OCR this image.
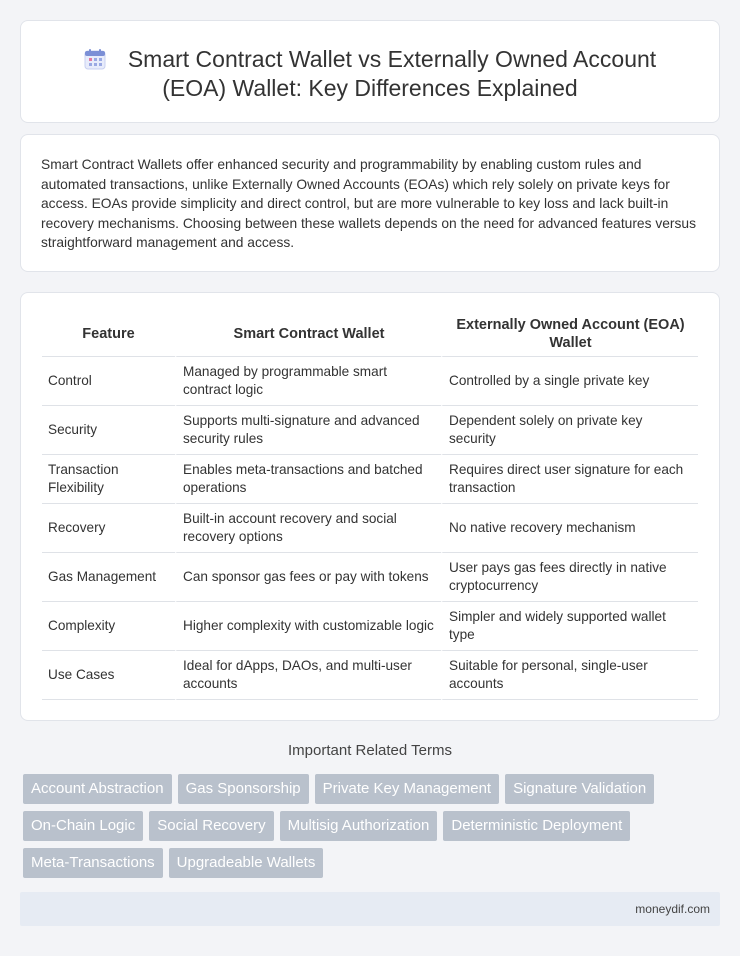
Smart Contract Wallet vs Externally Owned Account (EOA) Wallet: Key Differences Explained

Smart Contract Wallets offer enhanced security and programmability by enabling custom rules and automated transactions, unlike Externally Owned Accounts (EOAs) which rely solely on private keys for access. EOAs provide simplicity and direct control, but are more vulnerable to key loss and lack built-in recovery mechanisms. Choosing between these wallets depends on the need for advanced features versus straightforward management and access.

Feature	Smart Contract Wallet	Externally Owned Account (EOA) Wallet
Control	Managed by programmable smart contract logic	Controlled by a single private key
Security	Supports multi-signature and advanced security rules	Dependent solely on private key security
Transaction Flexibility	Enables meta-transactions and batched operations	Requires direct user signature for each transaction
Recovery	Built-in account recovery and social recovery options	No native recovery mechanism
Gas Management	Can sponsor gas fees or pay with tokens	User pays gas fees directly in native cryptocurrency
Complexity	Higher complexity with customizable logic	Simpler and widely supported wallet type
Use Cases	Ideal for dApps, DAOs, and multi-user accounts	Suitable for personal, single-user accounts
Important Related Terms
Account Abstraction	Gas Sponsorship	Private Key Management	Signature Validation
On-Chain Logic	Social Recovery	Multisig Authorization	Deterministic Deployment
Meta-Transactions	Upgradeable Wallets
moneydif.com
